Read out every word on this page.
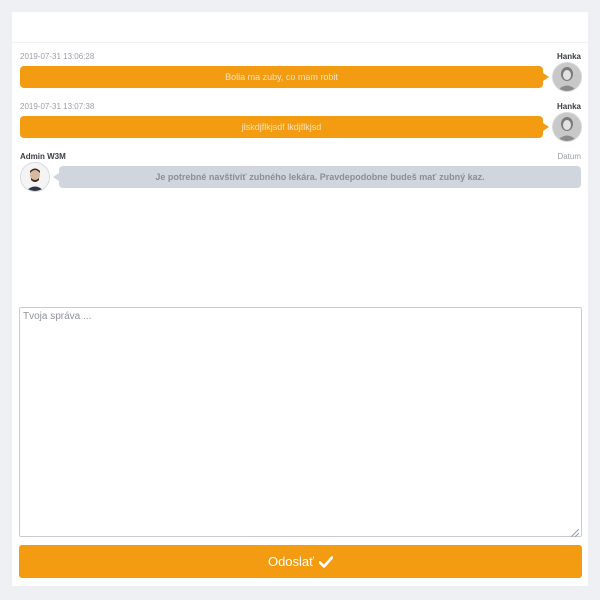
2019-07-31 13:06:28	Hanka
Bolia ma zuby, co mam robit
2019-07-31 13:07:38	Hanka
jlskdjflkjsdf lkdjflkjsd
Admin W3M	Datum
Je potrebné navštíviť zubného lekára. Pravdepodobne budeš mať zubný kaz.
Tvoja správa ...
Odoslať
